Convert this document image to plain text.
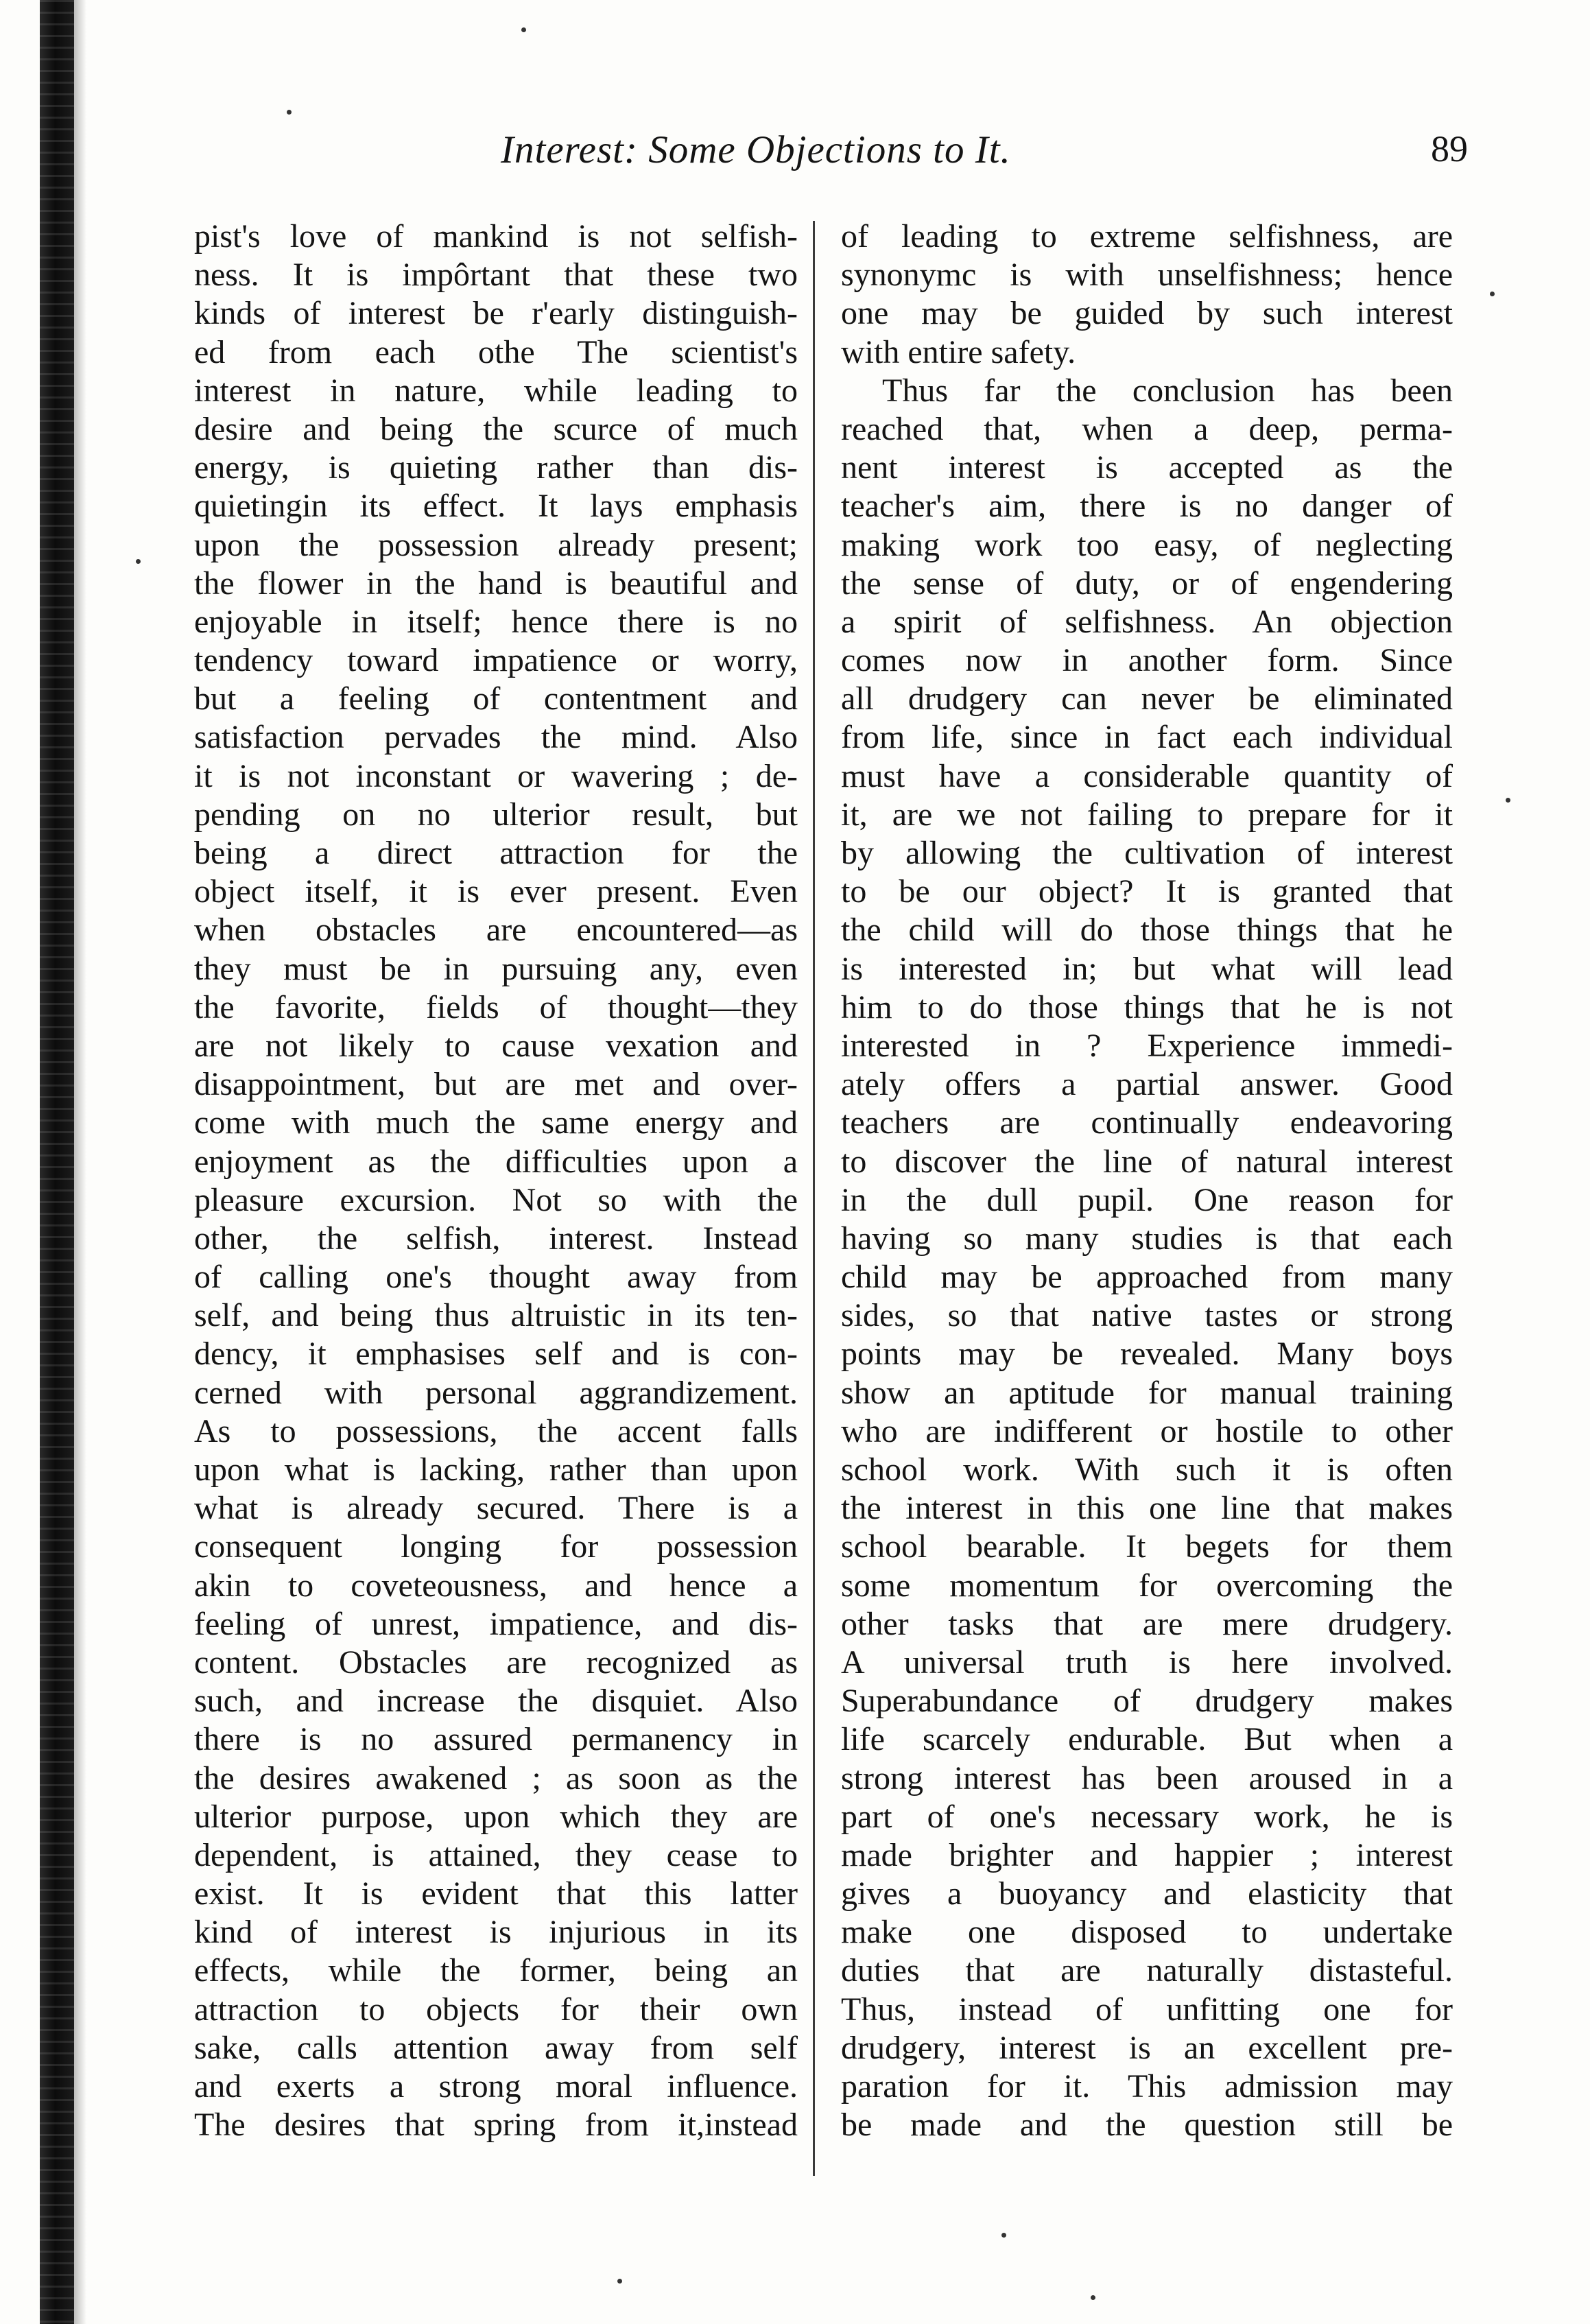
Interest: Some Objections to It.	89
pist's love of mankind is not selfish-
ness. It is impôrtant that these two
kinds of interest be r'early distinguish-
ed from each othe The scientist's
interest in nature, while leading to
desire and being the scurce of much
energy, is quieting rather than dis-
quietingin its effect. It lays emphasis
upon the possession already present;
the flower in the hand is beautiful and
enjoyable in itself; hence there is no
tendency toward impatience or worry,
but a feeling of contentment and
satisfaction pervades the mind. Also
it is not inconstant or wavering ; de-
pending on no ulterior result, but
being a direct attraction for the
object itself, it is ever present. Even
when obstacles are encountered—as
they must be in pursuing any, even
the favorite, fields of thought—they
are not likely to cause vexation and
disappointment, but are met and over-
come with much the same energy and
enjoyment as the difficulties upon a
pleasure excursion. Not so with the
other, the selfish, interest. Instead
of calling one's thought away from
self, and being thus altruistic in its ten-
dency, it emphasises self and is con-
cerned with personal aggrandizement.
As to possessions, the accent falls
upon what is lacking, rather than upon
what is already secured. There is a
consequent longing for possession
akin to coveteousness, and hence a
feeling of unrest, impatience, and dis-
content. Obstacles are recognized as
such, and increase the disquiet. Also
there is no assured permanency in
the desires awakened ; as soon as the
ulterior purpose, upon which they are
dependent, is attained, they cease to
exist. It is evident that this latter
kind of interest is injurious in its
effects, while the former, being an
attraction to objects for their own
sake, calls attention away from self
and exerts a strong moral influence.
The desires that spring from it,instead
of leading to extreme selfishness, are
synonymc is with unselfishness; hence
one may be guided by such interest
with entire safety.
Thus far the conclusion has been
reached that, when a deep, perma-
nent interest is accepted as the
teacher's aim, there is no danger of
making work too easy, of neglecting
the sense of duty, or of engendering
a spirit of selfishness. An objection
comes now in another form. Since
all drudgery can never be eliminated
from life, since in fact each individual
must have a considerable quantity of
it, are we not failing to prepare for it
by allowing the cultivation of interest
to be our object? It is granted that
the child will do those things that he
is interested in; but what will lead
him to do those things that he is not
interested in ? Experience immedi-
ately offers a partial answer. Good
teachers are continually endeavoring
to discover the line of natural interest
in the dull pupil. One reason for
having so many studies is that each
child may be approached from many
sides, so that native tastes or strong
points may be revealed. Many boys
show an aptitude for manual training
who are indifferent or hostile to other
school work. With such it is often
the interest in this one line that makes
school bearable. It begets for them
some momentum for overcoming the
other tasks that are mere drudgery.
A universal truth is here involved.
Superabundance of drudgery makes
life scarcely endurable. But when a
strong interest has been aroused in a
part of one's necessary work, he is
made brighter and happier ; interest
gives a buoyancy and elasticity that
make one disposed to undertake
duties that are naturally distasteful.
Thus, instead of unfitting one for
drudgery, interest is an excellent pre-
paration for it. This admission may
be made and the question still be
